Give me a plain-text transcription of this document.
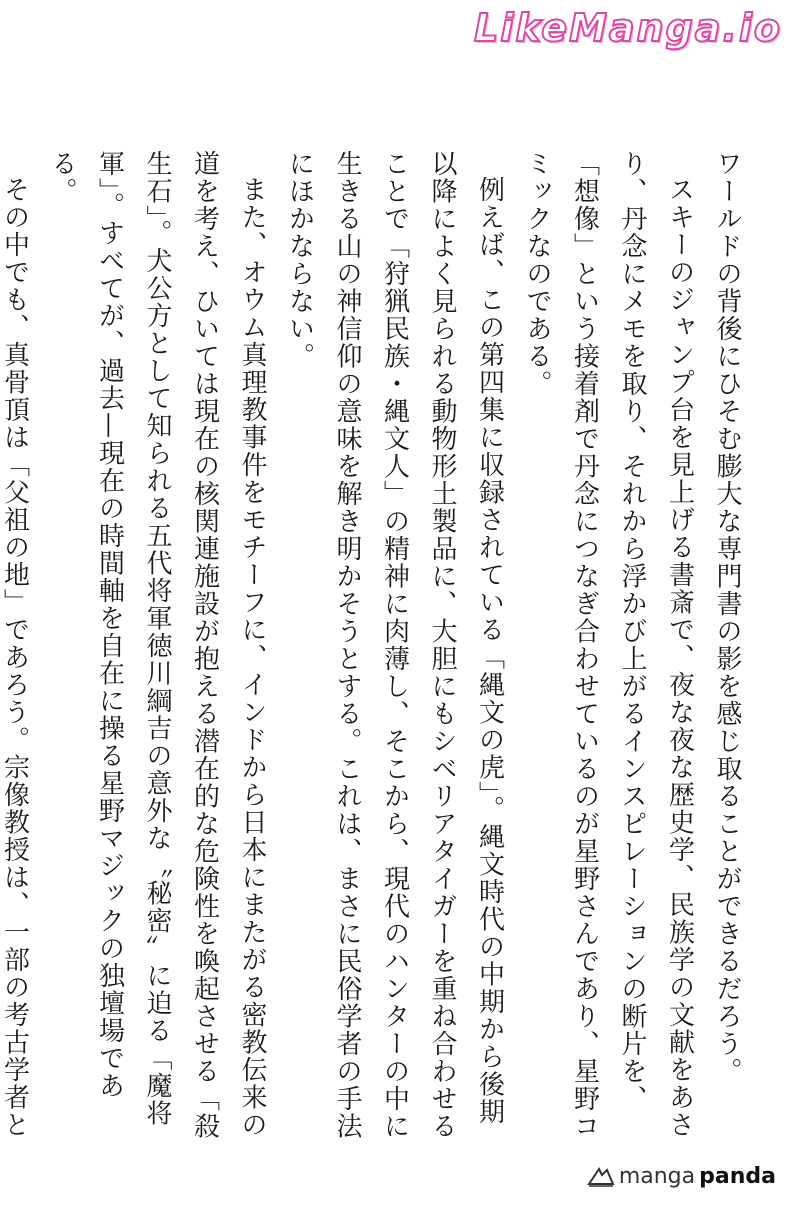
LikeManga.io

ワールドの背後にひそむ膨大な専門書の影を感じ取ることができるだろう。

スキーのジャンプ台を見上げる書斎で、夜な夜な歴史学、民族学の文献をあさり、丹念にメモを取り、それから浮かび上がるインスピレーションの断片を、「想像」という接着剤で丹念につなぎ合わせているのが星野さんであり、星野コミックなのである。

例えば、この第四集に収録されている「縄文の虎」。縄文時代の中期から後期以降によく見られる動物形土製品に、大胆にもシベリアタイガーを重ね合わせることで「狩猟民族・縄文人」の精神に肉薄し、そこから、現代のハンターの中に生きる山の神信仰の意味を解き明かそうとする。これは、まさに民俗学者の手法にほかならない。

また、オウム真理教事件をモチーフに、インドから日本にまたがる密教伝来の道を考え、ひいては現在の核関連施設が抱える潜在的な危険性を喚起させる「殺生石」。犬公方として知られる五代将軍徳川綱吉の意外な〝秘密〟に迫る「魔将軍」。すべてが、過去—現在の時間軸を自在に操る星野マジックの独壇場である。

その中でも、真骨頂は「父祖の地」であろう。宗像教授は、一部の考古学者と

manga panda
